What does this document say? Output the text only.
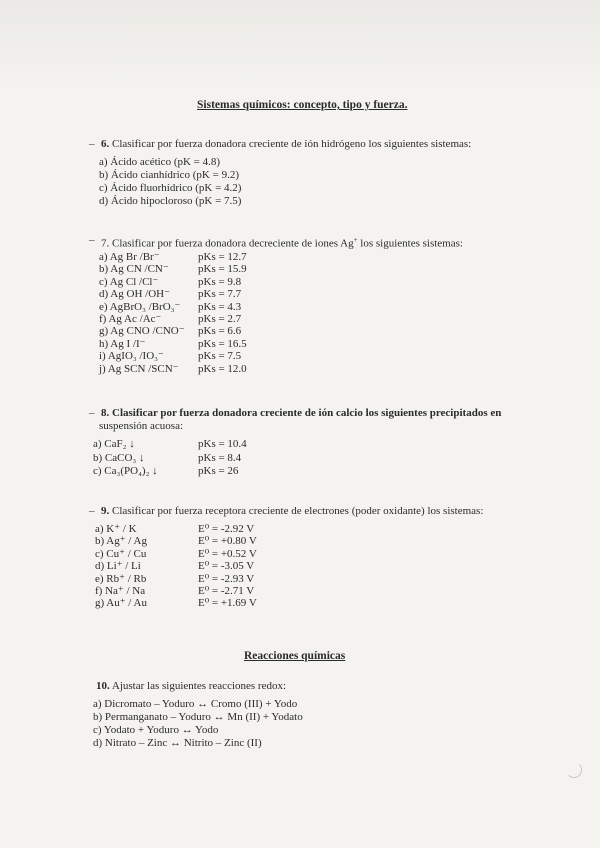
Sistemas químicos: concepto, tipo y fuerza.
– 6. Clasificar por fuerza donadora creciente de ión hidrógeno los siguientes sistemas:
a) Ácido acético (pK = 4.8)
b) Ácido cianhídrico (pK = 9.2)
c) Ácido fluorhídrico (pK = 4.2)
d) Ácido hipocloroso (pK = 7.5)
– 7. Clasificar por fuerza donadora decreciente de iones Ag+ los siguientes sistemas:
a) Ag Br /Br⁻	pKs = 12.7
b) Ag CN /CN⁻	pKs = 15.9
c) Ag Cl /Cl⁻	pKs = 9.8
d) Ag OH /OH⁻	pKs = 7.7
e) AgBrO₃ /BrO₃⁻ pKs = 4.3
f) Ag Ac /Ac⁻	pKs = 2.7
g) Ag CNO /CNO⁻ pKs = 6.6
h) Ag I /I⁻	pKs = 16.5
i) AgIO₃ /IO₃⁻	pKs = 7.5
j) Ag SCN /SCN⁻ pKs = 12.0
– 8. Clasificar por fuerza donadora creciente de ión calcio los siguientes precipitados en
suspensión acuosa:
a) CaF₂ ↓	pKs = 10.4
b) CaCO₃ ↓	pKs = 8.4
c) Ca₃(PO₄)₂ ↓	pKs = 26
– 9. Clasificar por fuerza receptora creciente de electrones (poder oxidante) los sistemas:
a) K⁺ / K	E⁰ = -2.92 V
b) Ag⁺ / Ag	E⁰ = +0.80 V
c) Cu⁺ / Cu	E⁰ = +0.52 V
d) Li⁺ / Li	E⁰ = -3.05 V
e) Rb⁺ / Rb	E⁰ = -2.93 V
f) Na⁺ / Na	E⁰ = -2.71 V
g) Au⁺ / Au	E⁰ = +1.69 V
Reacciones químicas
10. Ajustar las siguientes reacciones redox:
a) Dicromato – Yoduro ↔ Cromo (III) + Yodo
b) Permanganato – Yoduro ↔ Mn (II) + Yodato
c) Yodato + Yoduro ↔ Yodo
d) Nitrato – Zinc ↔ Nitrito – Zinc (II)
